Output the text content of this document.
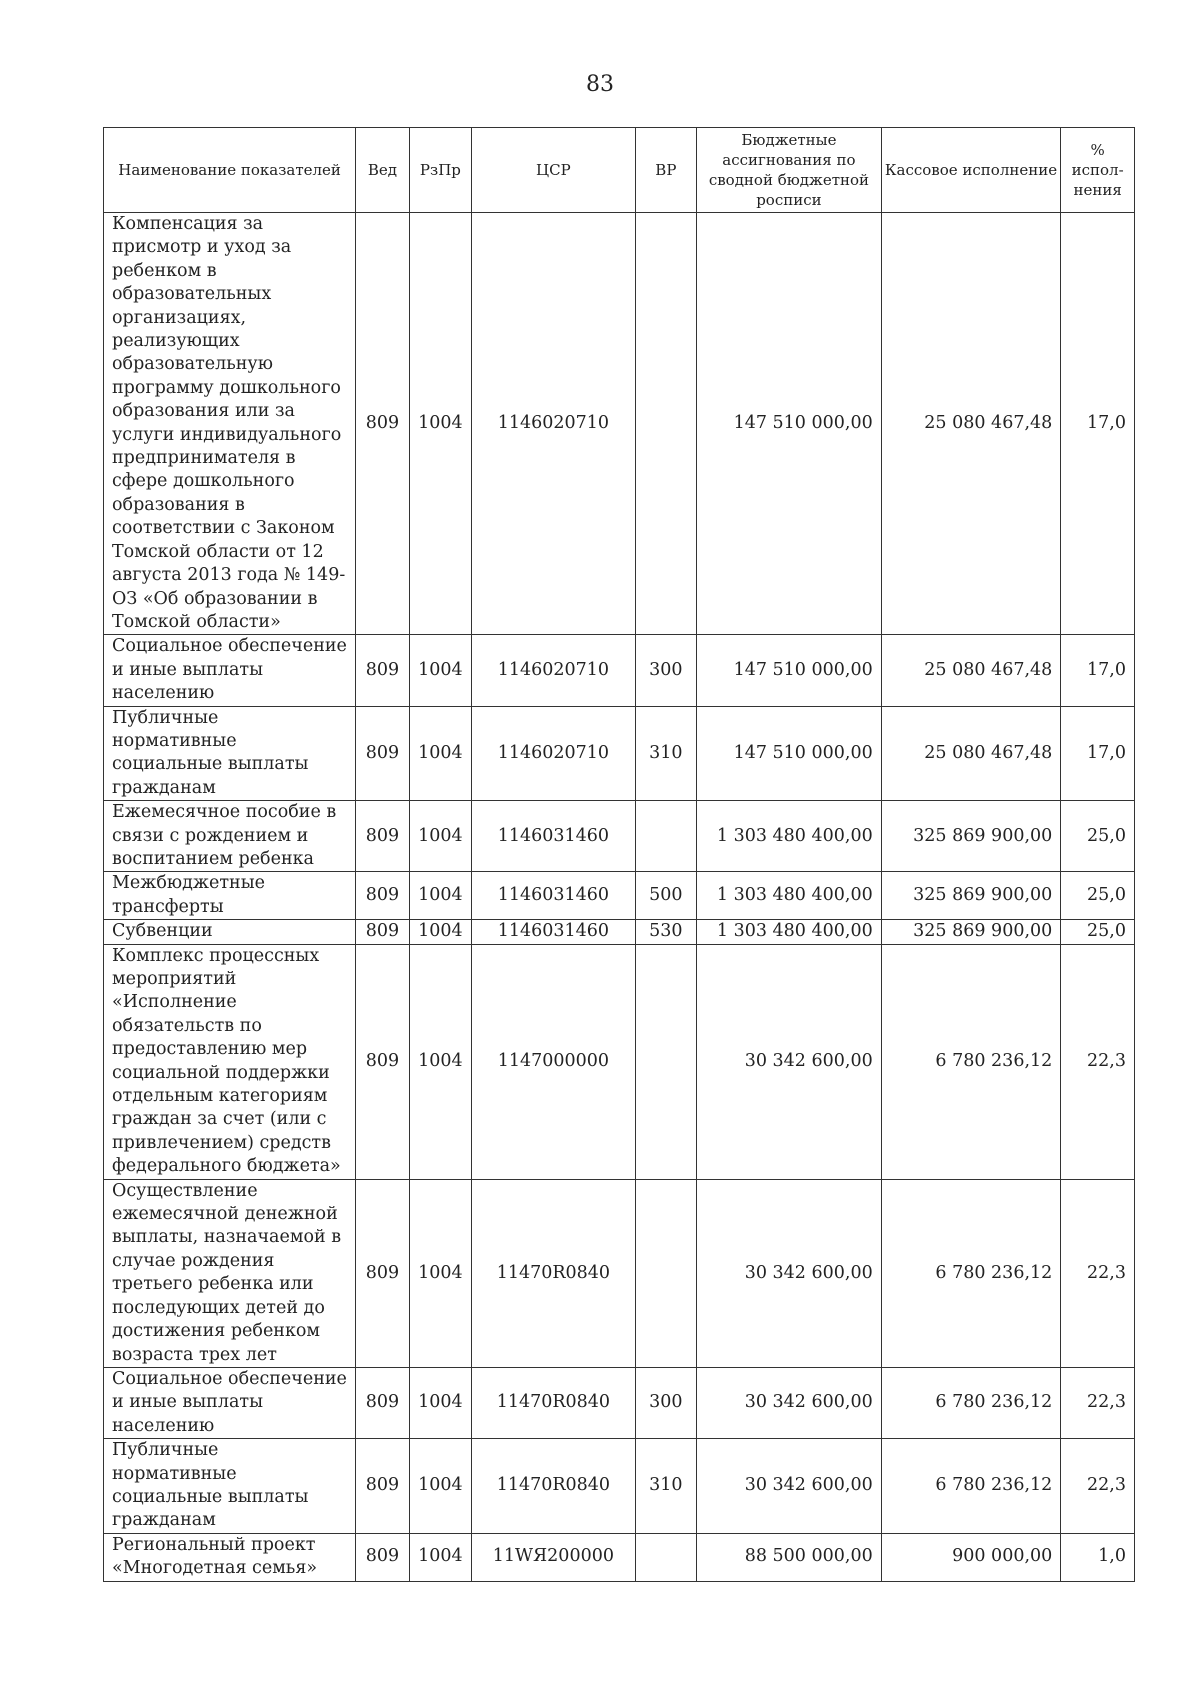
83
Наименование показателей	Вед	РзПр	ЦСР	ВР	Бюджетные ассигнования по сводной бюджетной росписи	Кассовое исполнение	% испол-нения
Компенсация за присмотр и уход за ребенком в образовательных организациях, реализующих образовательную программу дошкольного образования или за услуги индивидуального предпринимателя в сфере дошкольного образования в соответствии с Законом Томской области от 12 августа 2013 года № 149-ОЗ «Об образовании в Томской области»	809	1004	1146020710		147 510 000,00	25 080 467,48	17,0
Социальное обеспечение и иные выплаты населению	809	1004	1146020710	300	147 510 000,00	25 080 467,48	17,0
Публичные нормативные социальные выплаты гражданам	809	1004	1146020710	310	147 510 000,00	25 080 467,48	17,0
Ежемесячное пособие в связи с рождением и воспитанием ребенка	809	1004	1146031460		1 303 480 400,00	325 869 900,00	25,0
Межбюджетные трансферты	809	1004	1146031460	500	1 303 480 400,00	325 869 900,00	25,0
Субвенции	809	1004	1146031460	530	1 303 480 400,00	325 869 900,00	25,0
Комплекс процессных мероприятий «Исполнение обязательств по предоставлению мер социальной поддержки отдельным категориям граждан за счет (или с привлечением) средств федерального бюджета»	809	1004	1147000000		30 342 600,00	6 780 236,12	22,3
Осуществление ежемесячной денежной выплаты, назначаемой в случае рождения третьего ребенка или последующих детей до достижения ребенком возраста трех лет	809	1004	11470R0840		30 342 600,00	6 780 236,12	22,3
Социальное обеспечение и иные выплаты населению	809	1004	11470R0840	300	30 342 600,00	6 780 236,12	22,3
Публичные нормативные социальные выплаты гражданам	809	1004	11470R0840	310	30 342 600,00	6 780 236,12	22,3
Региональный проект «Многодетная семья»	809	1004	11WЯ200000		88 500 000,00	900 000,00	1,0
